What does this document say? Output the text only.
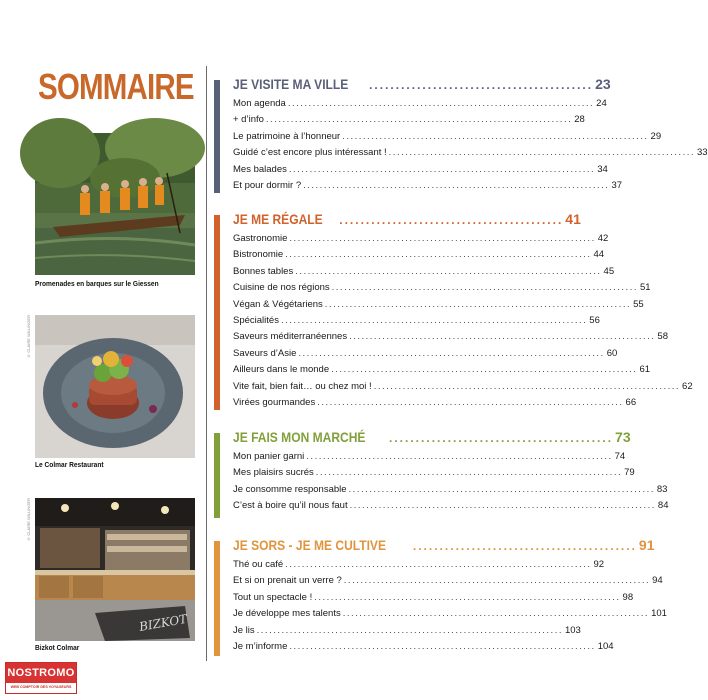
SOMMAIRE
Promenades en barques sur le Giessen
© CLAIRE WILLINGER
Le Colmar Restaurant
© CLAIRE WILLINGER
BIZKOT
Bizkot Colmar
JE VISITE MA VILLE .......................................... 23
Mon agenda .......................................................................... 24
+ d’info .......................................................................... 28
Le patrimoine à l’honneur .......................................................................... 29
Guidé c’est encore plus intéressant ! .......................................................................... 33
Mes balades .......................................................................... 34
Et pour dormir ? .......................................................................... 37
JE ME RÉGALE .......................................... 41
Gastronomie .......................................................................... 42
Bistronomie .......................................................................... 44
Bonnes tables .......................................................................... 45
Cuisine de nos régions .......................................................................... 51
Végan & Végétariens .......................................................................... 55
Spécialités .......................................................................... 56
Saveurs méditerranéennes .......................................................................... 58
Saveurs d’Asie .......................................................................... 60
Ailleurs dans le monde .......................................................................... 61
Vite fait, bien fait… ou chez moi ! .......................................................................... 62
Virées gourmandes .......................................................................... 66
JE FAIS MON MARCHÉ .......................................... 73
Mon panier garni .......................................................................... 74
Mes plaisirs sucrés .......................................................................... 79
Je consomme responsable .......................................................................... 83
C’est à boire qu’il nous faut .......................................................................... 84
JE SORS - JE ME CULTIVE .......................................... 91
Thé ou café .......................................................................... 92
Et si on prenait un verre ? .......................................................................... 94
Tout un spectacle ! .......................................................................... 98
Je développe mes talents .......................................................................... 101
Je lis .......................................................................... 103
Je m’informe .......................................................................... 104
NOSTROMO
WEB COMPTOIR DES VOYAGEURS
